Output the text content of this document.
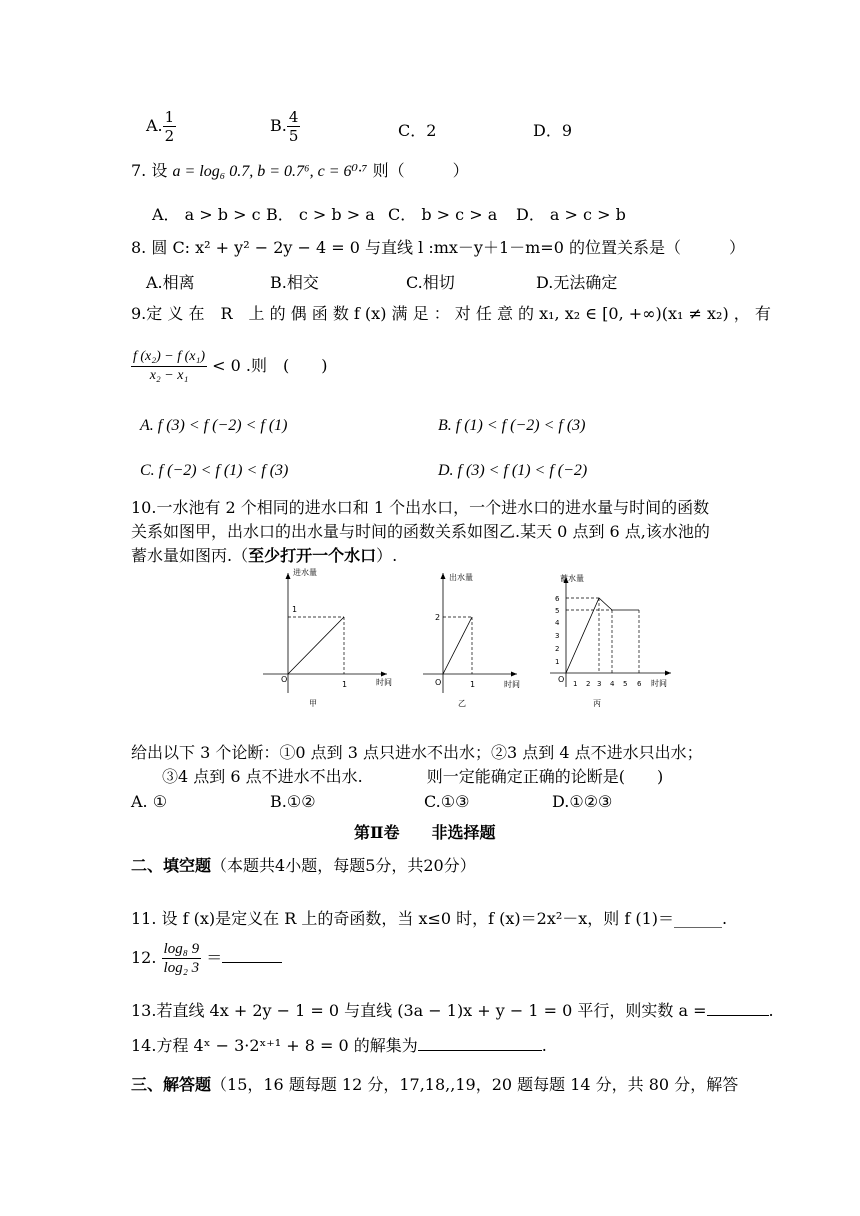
A. $\frac{1}{2}$	B. $\frac{4}{5}$	C．2	D．9
7. 设 a = log₆ 0.7, b = 0.7⁶, c = 6⁰·⁷ 则（　　　）
A． a > b > c B． c > b > a C． b > c > a D． a > c > b
8. 圆 C: x² + y² − 2y − 4 = 0 与直线 l :mx－y＋1－m=0 的位置关系是（　　　）
A.相离	B.相交	C.相切	D.无法确定
9.定 义 在　R　上 的 偶 函 数 f (x) 满 足 ： 对 任 意 的 x₁, x₂ ∈ [0, +∞)(x₁ ≠ x₂) ， 有
$\frac{\text{f (x₂) − f (x₁)}}{\text{x₂ − x₁}} < 0$ .则　(　　)
A. f (3) < f (−2) < f (1)	B. f (1) < f (−2) < f (3)
C. f (−2) < f (1) < f (3)	D. f (3) < f (1) < f (−2)
10.一水池有 2 个相同的进水口和 1 个出水口，一个进水口的进水量与时间的函数
关系如图甲，出水口的出水量与时间的函数关系如图乙.某天 0 点到 6 点,该水池的
蓄水量如图丙.（至少打开一个水口）.
进水量
时间
O
1
1
甲
出水量
时间
O
2
1
乙
蓄水量
时间
O
1
2
3
4
5
6
1 2 3 4 5 6
丙
给出以下 3 个论断：①0 点到 3 点只进水不出水；②3 点到 4 点不进水只出水；
③4 点到 6 点不进水不出水.　　　　则一定能确定正确的论断是(　　)
A. ①	B.①②	C.①③	D.①②③
第Ⅱ卷　　非选择题
二、填空题（本题共4小题，每题5分，共20分）
11. 设 f (x)是定义在 R 上的奇函数，当 x≤0 时，f (x)＝2x²－x，则 f (1)＝______.
12. $\frac{\text{log₈ 9}}{\text{log₂ 3}}$ ＝
13.若直线 4x + 2y − 1 = 0 与直线 (3a − 1)x + y − 1 = 0 平行，则实数 a =	.
14.方程 4ˣ − 3·2ˣ⁺¹ + 8 = 0 的解集为	.
三、解答题（15，16 题每题 12 分，17,18,,19，20 题每题 14 分，共 80 分，解答
